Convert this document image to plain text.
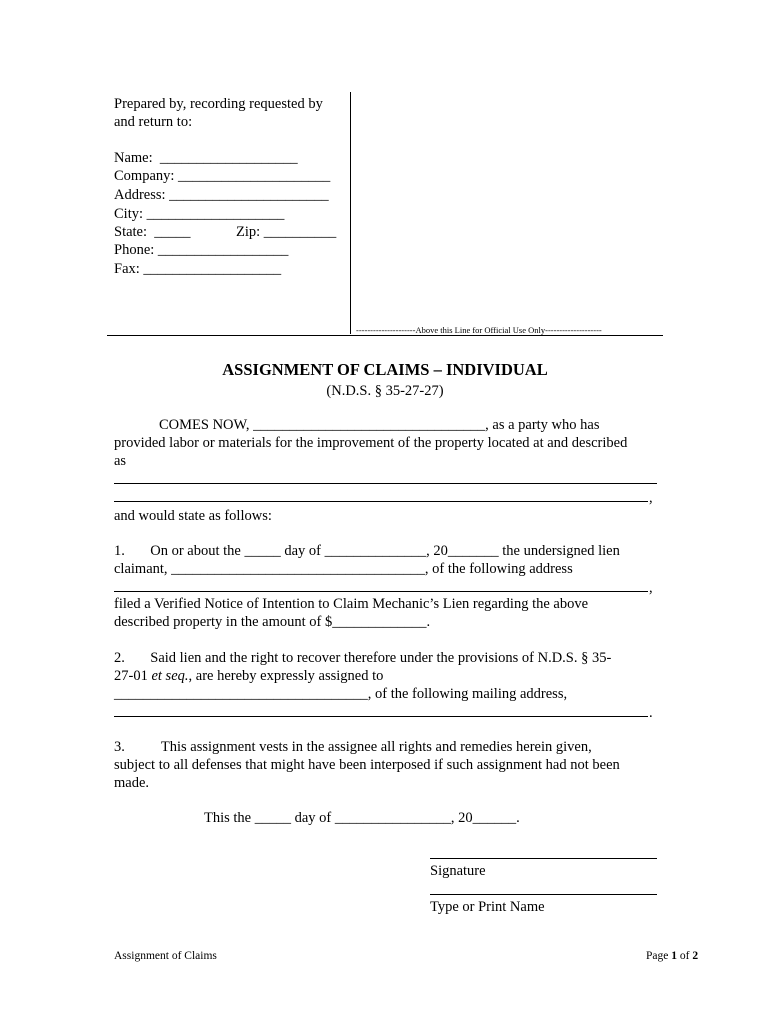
Prepared by, recording requested by
and return to:
Name:  ___________________
Company: _____________________
Address: ______________________
City: ___________________
State:  _____	Zip: __________
Phone: __________________
Fax: ___________________
---------------------Above this Line for Official Use Only--------------------
ASSIGNMENT OF CLAIMS – INDIVIDUAL
(N.D.S. § 35-27-27)
COMES NOW, ________________________________, as a party who has
provided labor or materials for the improvement of the property located at and described
as
,
and would state as follows:
1.       On or about the _____ day of ______________, 20_______ the undersigned lien
claimant, ___________________________________, of the following address
,
filed a Verified Notice of Intention to Claim Mechanic’s Lien regarding the above
described property in the amount of $_____________.
2.       Said lien and the right to recover therefore under the provisions of N.D.S. § 35-
27-01 et seq., are hereby expressly assigned to
___________________________________, of the following mailing address,
.
3.          This assignment vests in the assignee all rights and remedies herein given,
subject to all defenses that might have been interposed if such assignment had not been
made.
This the _____ day of ________________, 20______.
Signature
Type or Print Name
Assignment of Claims	Page 1 of 2
